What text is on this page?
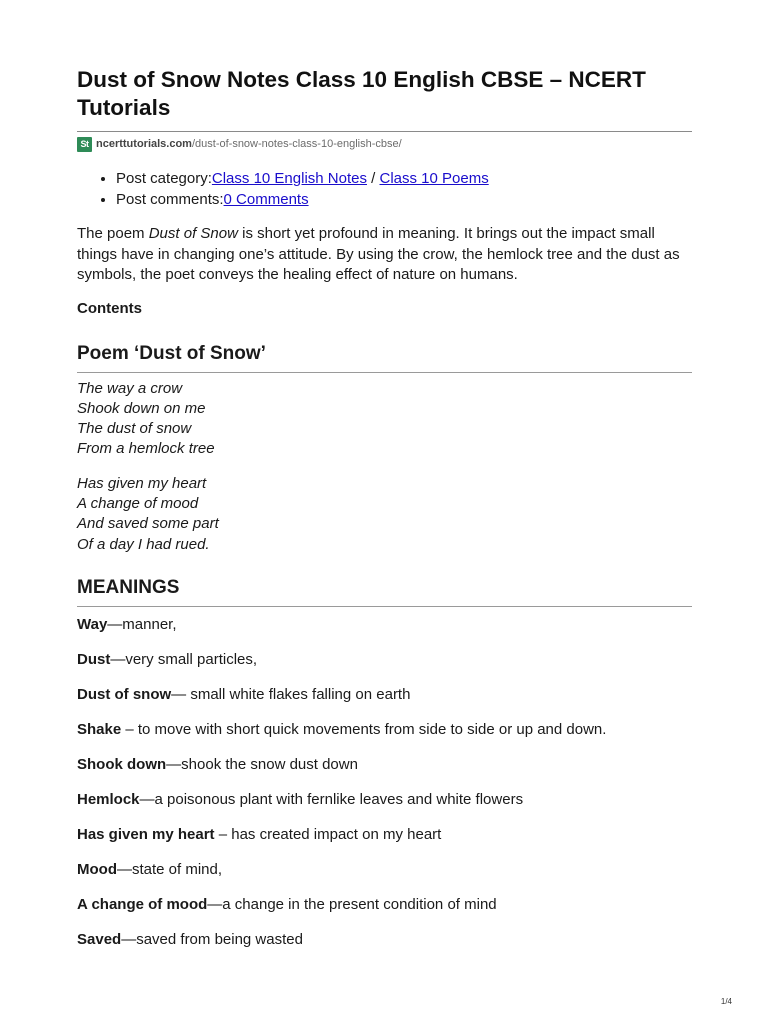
Dust of Snow Notes Class 10 English CBSE – NCERT Tutorials
St ncerttutorials.com /dust-of-snow-notes-class-10-english-cbse/
• Post category:Class 10 English Notes / Class 10 Poems
• Post comments:0 Comments

The poem Dust of Snow is short yet profound in meaning. It brings out the impact small things have in changing one’s attitude. By using the crow, the hemlock tree and the dust as symbols, the poet conveys the healing effect of nature on humans.

Contents
Poem ‘Dust of Snow’
The way a crow
Shook down on me
The dust of snow
From a hemlock tree
Has given my heart
A change of mood
And saved some part
Of a day I had rued.
MEANINGS

Way—manner,

Dust—very small particles,

Dust of snow— small white flakes falling on earth

Shake – to move with short quick movements from side to side or up and down.

Shook down—shook the snow dust down

Hemlock—a poisonous plant with fernlike leaves and white flowers

Has given my heart – has created impact on my heart

Mood—state of mind,

A change of mood—a change in the present condition of mind

Saved—saved from being wasted

1/4
